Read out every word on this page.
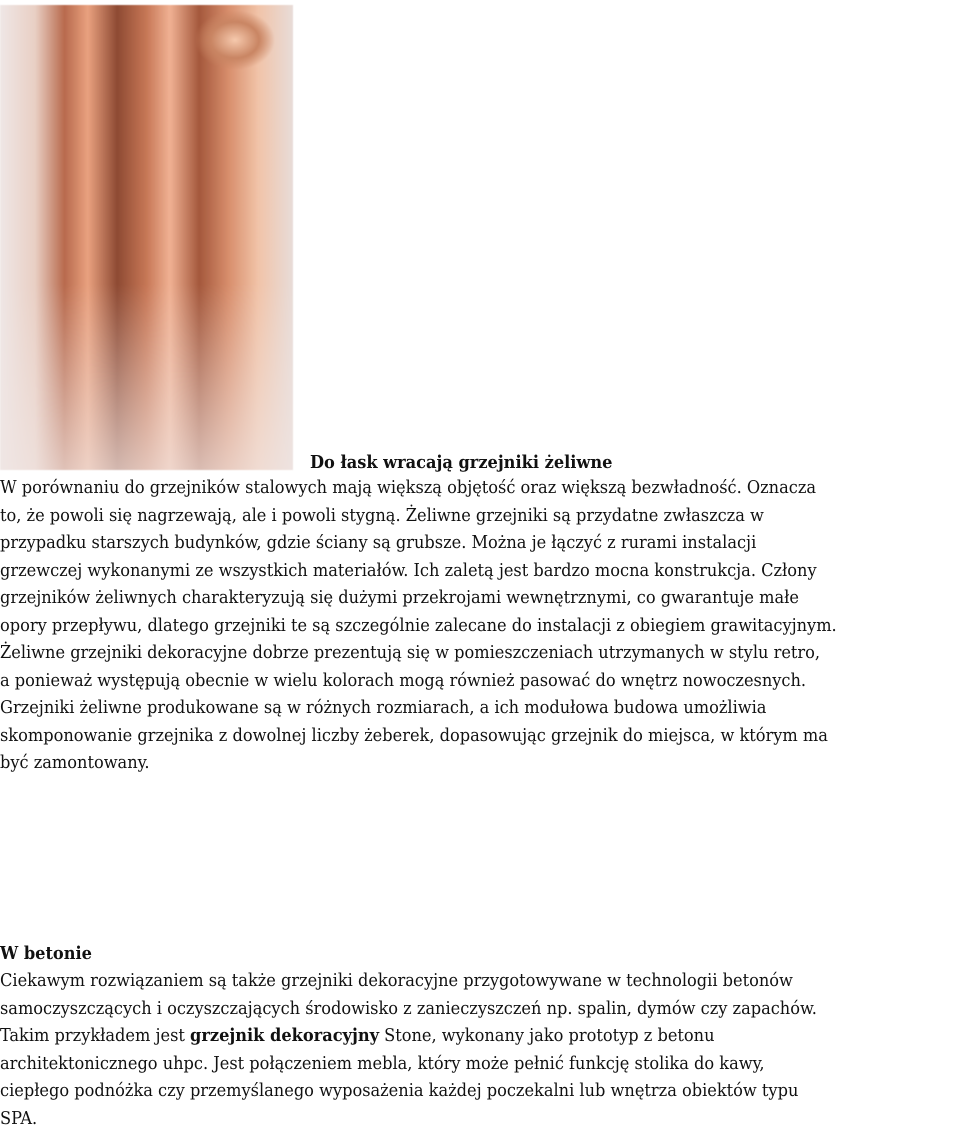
Do łask wracają grzejniki żeliwne
W porównaniu do grzejników stalowych mają większą objętość oraz większą bezwładność. Oznacza
to, że powoli się nagrzewają, ale i powoli stygną. Żeliwne grzejniki są przydatne zwłaszcza w
przypadku starszych budynków, gdzie ściany są grubsze. Można je łączyć z rurami instalacji
grzewczej wykonanymi ze wszystkich materiałów. Ich zaletą jest bardzo mocna konstrukcja. Człony
grzejników żeliwnych charakteryzują się dużymi przekrojami wewnętrznymi, co gwarantuje małe
opory przepływu, dlatego grzejniki te są szczególnie zalecane do instalacji z obiegiem grawitacyjnym.
Żeliwne grzejniki dekoracyjne dobrze prezentują się w pomieszczeniach utrzymanych w stylu retro,
a ponieważ występują obecnie w wielu kolorach mogą również pasować do wnętrz nowoczesnych.
Grzejniki żeliwne produkowane są w różnych rozmiarach, a ich modułowa budowa umożliwia
skomponowanie grzejnika z dowolnej liczby żeberek, dopasowując grzejnik do miejsca, w którym ma
być zamontowany.
W betonie
Ciekawym rozwiązaniem są także grzejniki dekoracyjne przygotowywane w technologii betonów
samoczyszczących i oczyszczających środowisko z zanieczyszczeń np. spalin, dymów czy zapachów.
Takim przykładem jest grzejnik dekoracyjny Stone, wykonany jako prototyp z betonu
architektonicznego uhpc. Jest połączeniem mebla, który może pełnić funkcję stolika do kawy,
ciepłego podnóżka czy przemyślanego wyposażenia każdej poczekalni lub wnętrza obiektów typu
SPA.
